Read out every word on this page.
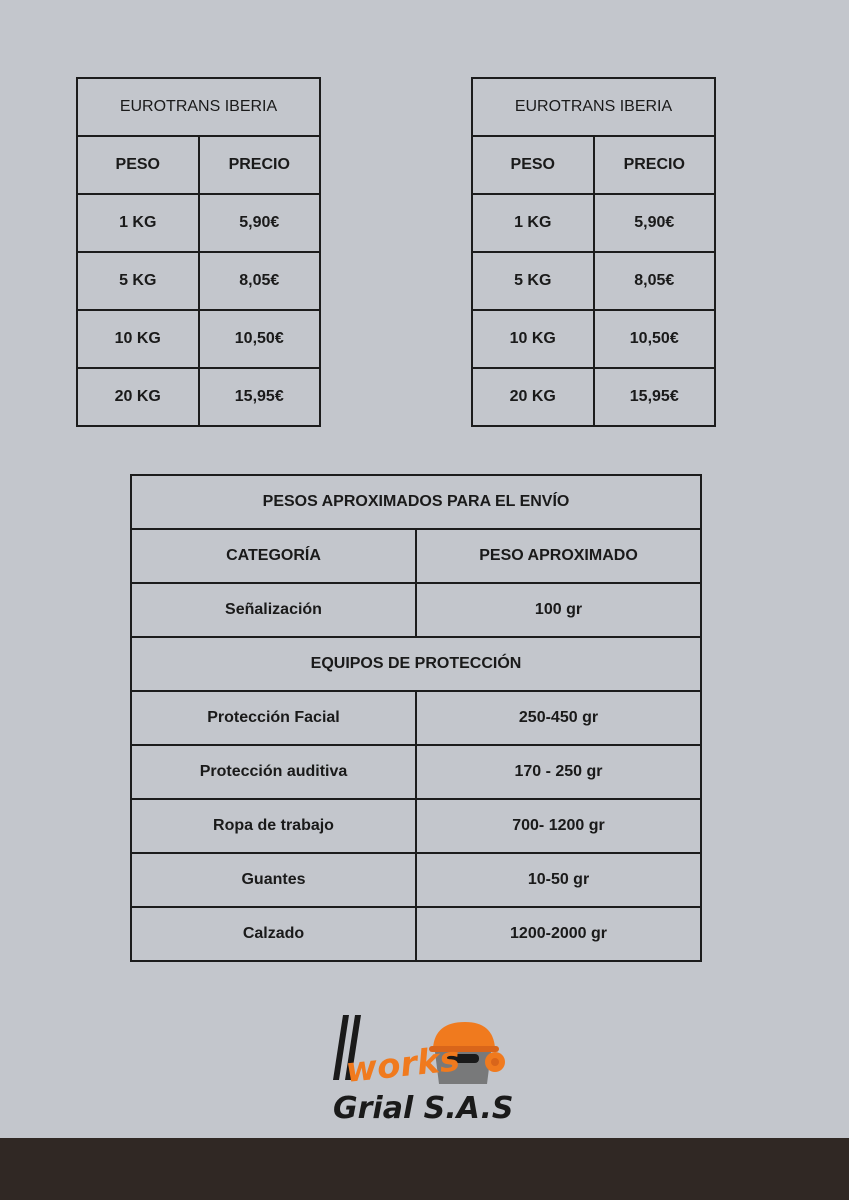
EUROTRANS IBERIA	
PESO	PRECIO
1 KG	5,90€
5 KG	8,05€
10 KG	10,50€
20 KG	15,95€
EUROTRANS IBERIA	
PESO	PRECIO
1 KG	5,90€
5 KG	8,05€
10 KG	10,50€
20 KG	15,95€
PESOS APROXIMADOS PARA EL ENVÍO	
CATEGORÍA	PESO APROXIMADO
Señalización	100 gr
EQUIPOS DE PROTECCIÓN	
Protección Facial	250-450 gr
Protección auditiva	170 - 250 gr
Ropa de trabajo	700- 1200 gr
Guantes	10-50 gr
Calzado	1200-2000 gr
works
Grial S.A.S
